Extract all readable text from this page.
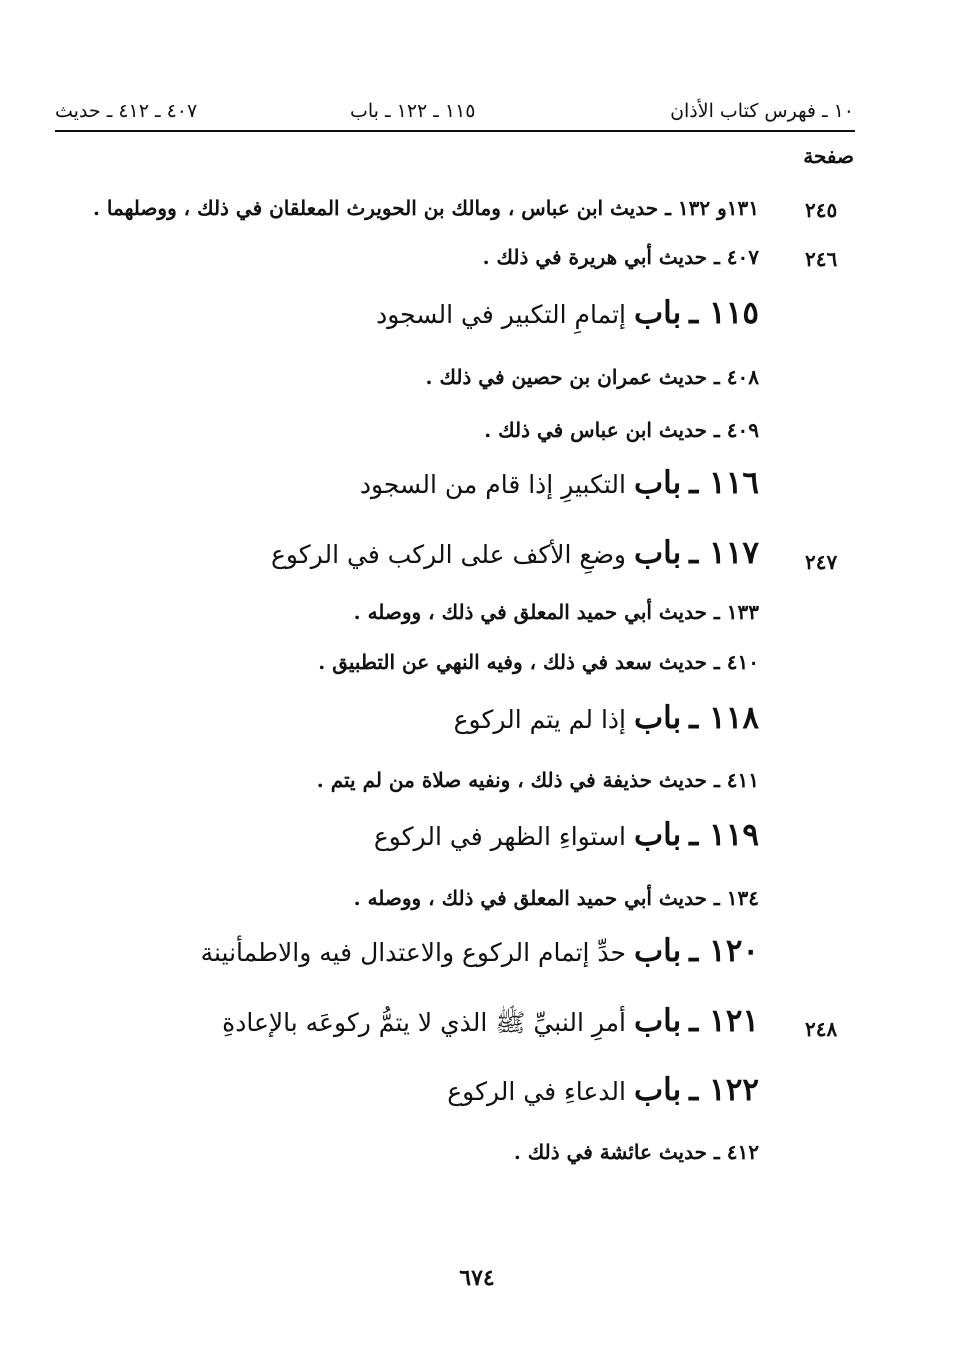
١٠ ـ فهرس كتاب الأذان
١١٥ ـ ١٢٢ ـ باب
٤٠٧ ـ ٤١٢ ـ حديث
صفحة
٢٤٥
١٣١و ١٣٢ ـ حديث ابن عباس ، ومالك بن الحويرث المعلقان في ذلك ، ووصلهما .
٢٤٦
٤٠٧ ـ حديث أبي هريرة في ذلك .
١١٥ ـ باب إتمامِ التكبير في السجود
٤٠٨ ـ حديث عمران بن حصين في ذلك .
٤٠٩ ـ حديث ابن عباس في ذلك .
١١٦ ـ باب التكبيرِ إذا قام من السجود
٢٤٧
١١٧ ـ باب وضعِ الأكف على الركب في الركوع
١٣٣ ـ حديث أبي حميد المعلق في ذلك ، ووصله .
٤١٠ ـ حديث سعد في ذلك ، وفيه النهي عن التطبيق .
١١٨ ـ باب إذا لم يتم الركوع
٤١١ ـ حديث حذيفة في ذلك ، ونفيه صلاة من لم يتم .
١١٩ ـ باب استواءِ الظهر في الركوع
١٣٤ ـ حديث أبي حميد المعلق في ذلك ، ووصله .
١٢٠ ـ باب حدِّ إتمام الركوع والاعتدال فيه والاطمأنينة
٢٤٨
١٢١ ـ باب أمرِ النبيِّ ﷺ الذي لا يتمُّ ركوعَه بالإعادةِ
١٢٢ ـ باب الدعاءِ في الركوع
٤١٢ ـ حديث عائشة في ذلك .
٦٧٤
